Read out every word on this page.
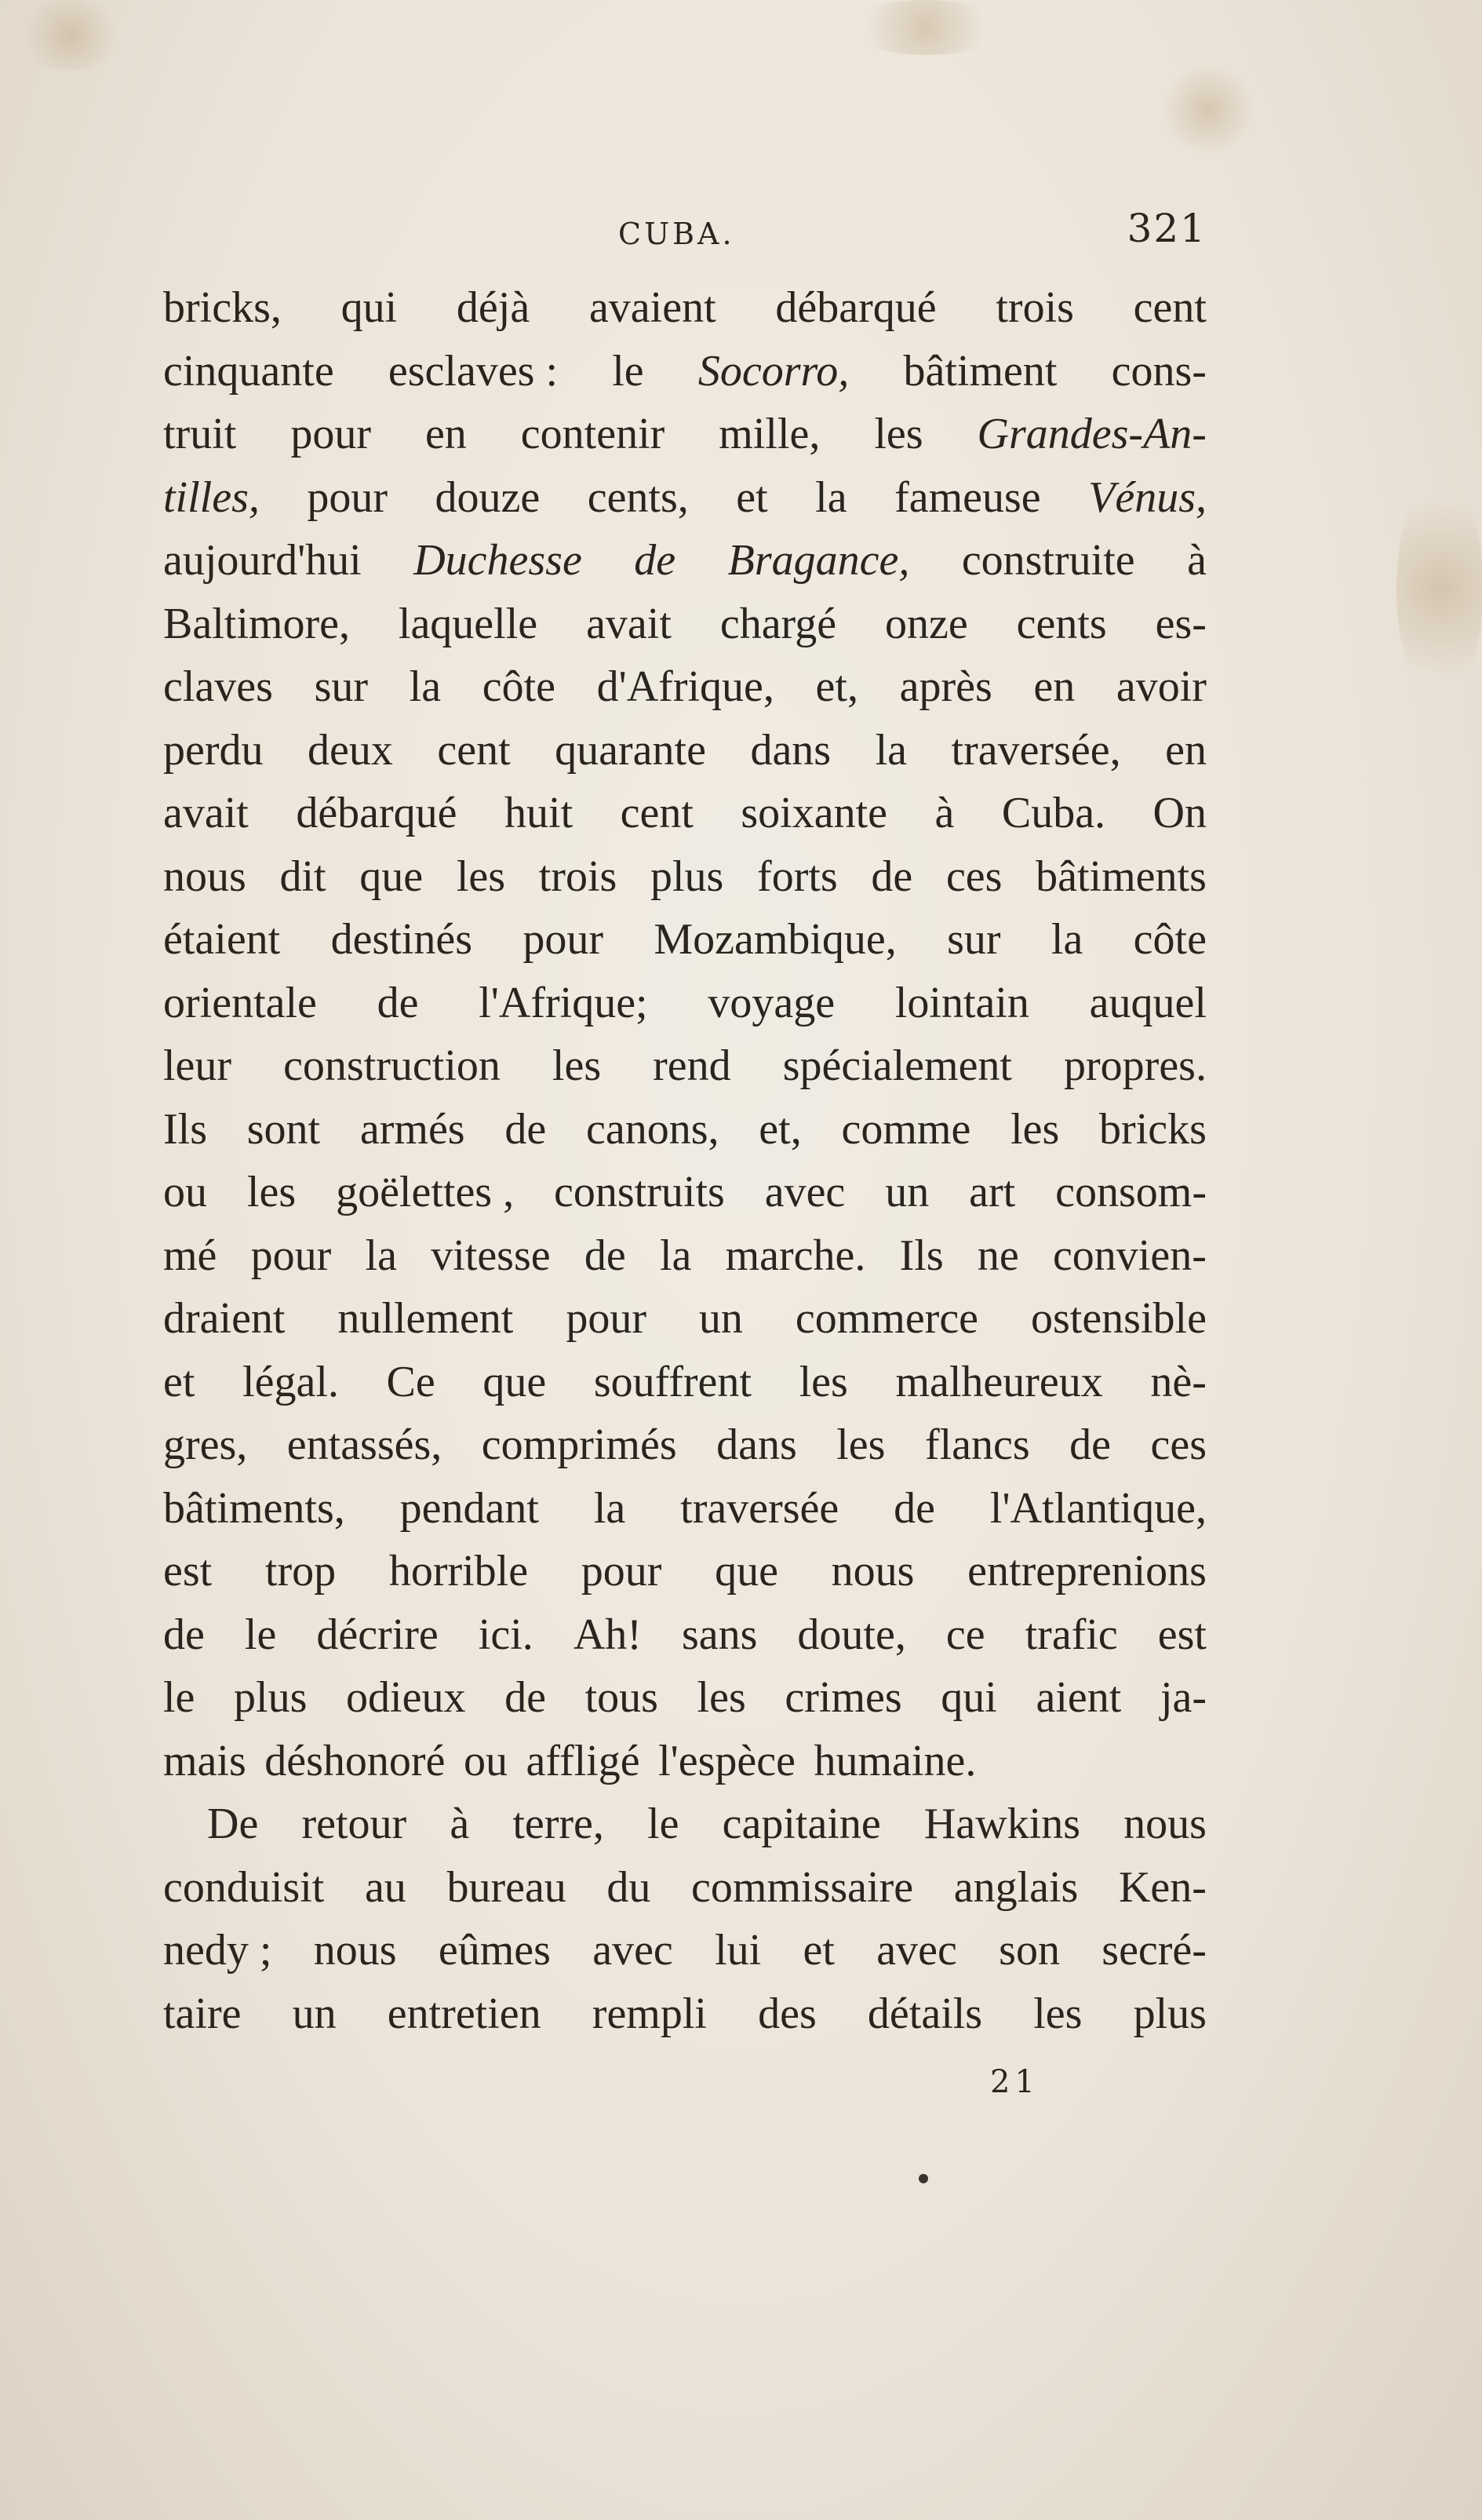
CUBA.	321
bricks, qui déjà avaient débarqué trois cent
cinquante esclaves : le Socorro, bâtiment cons-
truit pour en contenir mille, les Grandes-An-
tilles, pour douze cents, et la fameuse Vénus,
aujourd'hui Duchesse de Bragance, construite à
Baltimore, laquelle avait chargé onze cents es-
claves sur la côte d'Afrique, et, après en avoir
perdu deux cent quarante dans la traversée, en
avait débarqué huit cent soixante à Cuba. On
nous dit que les trois plus forts de ces bâtiments
étaient destinés pour Mozambique, sur la côte
orientale de l'Afrique; voyage lointain auquel
leur construction les rend spécialement propres.
Ils sont armés de canons, et, comme les bricks
ou les goëlettes , construits avec un art consom-
mé pour la vitesse de la marche. Ils ne convien-
draient nullement pour un commerce ostensible
et légal. Ce que souffrent les malheureux nè-
gres, entassés, comprimés dans les flancs de ces
bâtiments, pendant la traversée de l'Atlantique,
est trop horrible pour que nous entreprenions
de le décrire ici. Ah! sans doute, ce trafic est
le plus odieux de tous les crimes qui aient ja-
mais déshonoré ou affligé l'espèce humaine.
De retour à terre, le capitaine Hawkins nous
conduisit au bureau du commissaire anglais Ken-
nedy ; nous eûmes avec lui et avec son secré-
taire un entretien rempli des détails les plus
21
